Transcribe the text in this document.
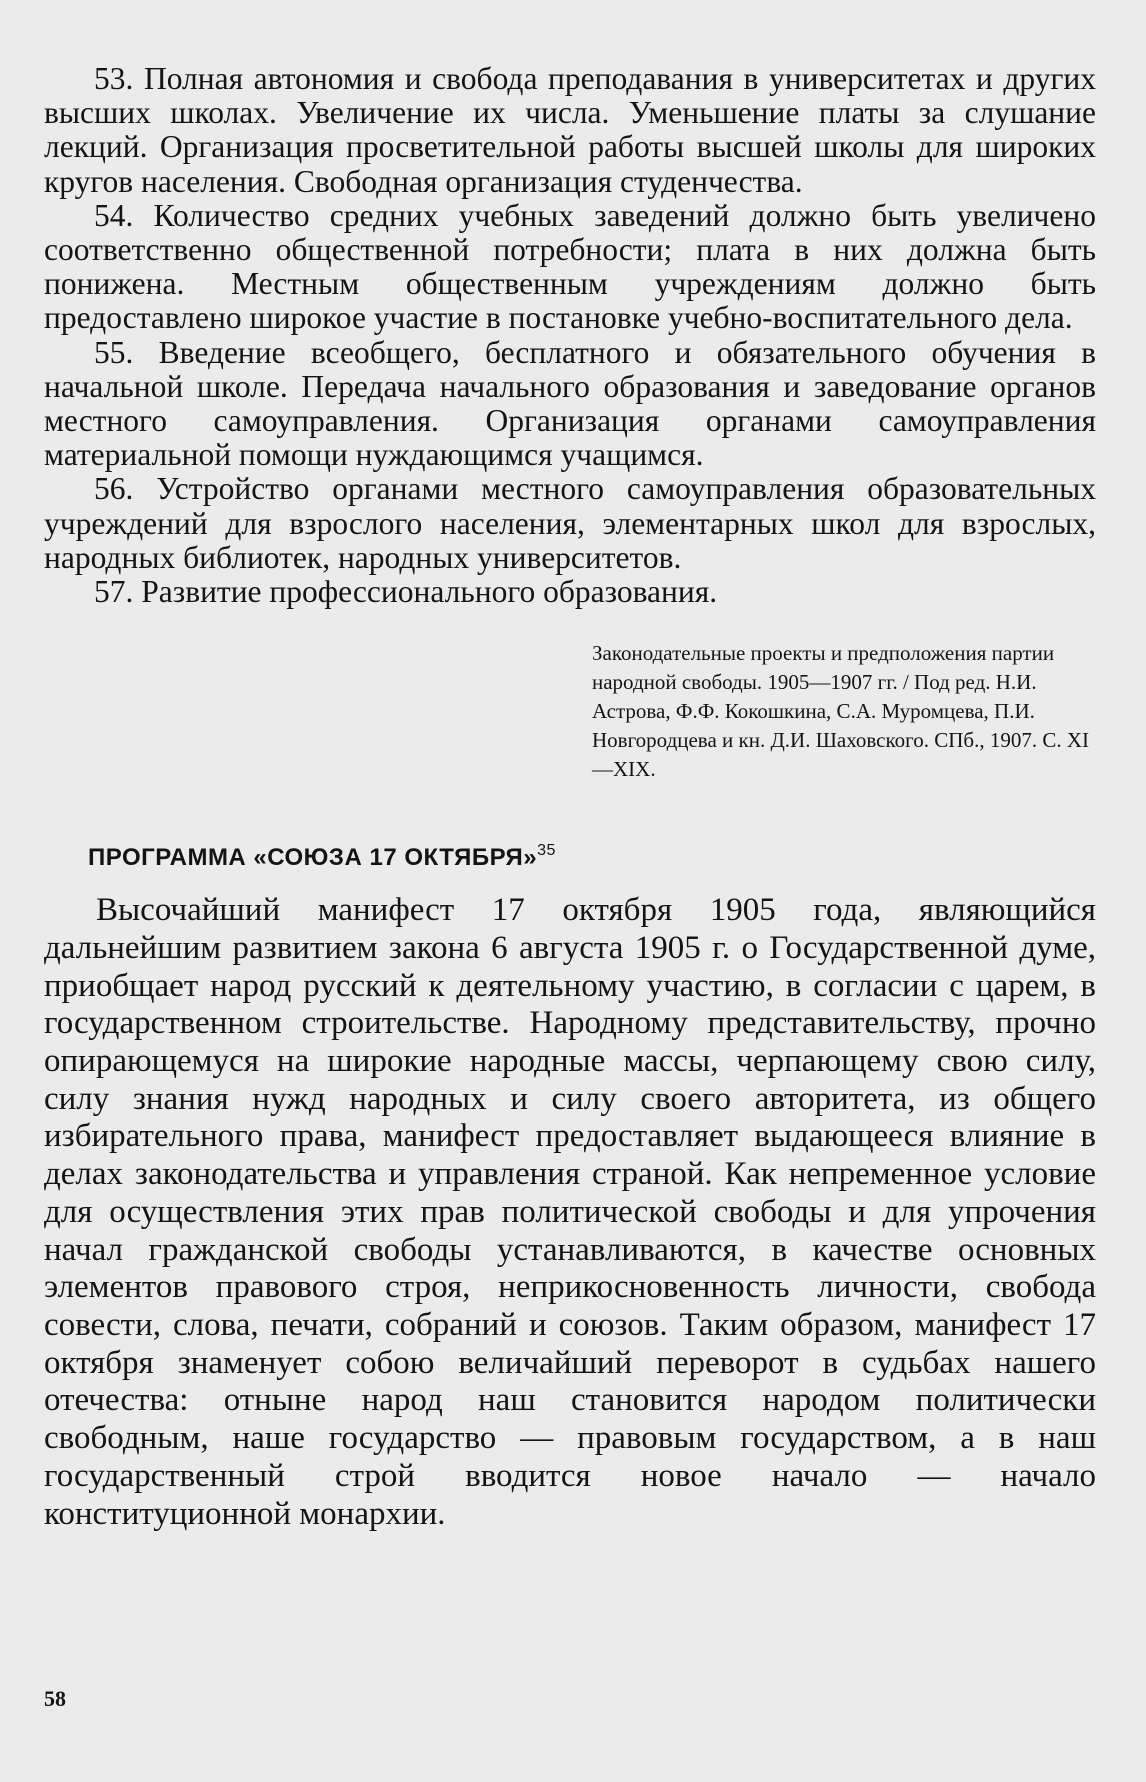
53. Полная автономия и свобода преподавания в университетах и других высших школах. Увеличение их числа. Уменьшение платы за слушание лекций. Организация просветительной работы высшей школы для широких кругов населения. Свободная организация студенчества.

54. Количество средних учебных заведений должно быть увеличено соответственно общественной потребности; плата в них должна быть понижена. Местным общественным учреждениям должно быть предоставлено широкое участие в постановке учебно-воспитательного дела.

55. Введение всеобщего, бесплатного и обязательного обучения в начальной школе. Передача начального образования и заведование органов местного самоуправления. Организация органами самоуправления материальной помощи нуждающимся учащимся.

56. Устройство органами местного самоуправления образовательных учреждений для взрослого населения, элементарных школ для взрослых, народных библиотек, народных университетов.

57. Развитие профессионального образования.

Законодательные проекты и предположения партии народной свободы. 1905—1907 гг. / Под ред. Н.И. Астрова, Ф.Ф. Кокошкина, С.А. Муромцева, П.И. Новгородцева и кн. Д.И. Шаховского. СПб., 1907. С. XI—XIX.

ПРОГРАММА «СОЮЗА 17 ОКТЯБРЯ»$^{35}$

Высочайший манифест 17 октября 1905 года, являющийся дальнейшим развитием закона 6 августа 1905 г. о Государственной думе, приобщает народ русский к деятельному участию, в согласии с царем, в государственном строительстве. Народному представительству, прочно опирающемуся на широкие народные массы, черпающему свою силу, силу знания нужд народных и силу своего авторитета, из общего избирательного права, манифест предоставляет выдающееся влияние в делах законодательства и управления страной. Как непременное условие для осуществления этих прав политической свободы и для упрочения начал гражданской свободы устанавливаются, в качестве основных элементов правового строя, неприкосновенность личности, свобода совести, слова, печати, собраний и союзов. Таким образом, манифест 17 октября знаменует собою величайший переворот в судьбах нашего отечества: отныне народ наш становится народом политически свободным, наше государство — правовым государством, а в наш государственный строй вводится новое начало — начало конституционной монархии.

58
